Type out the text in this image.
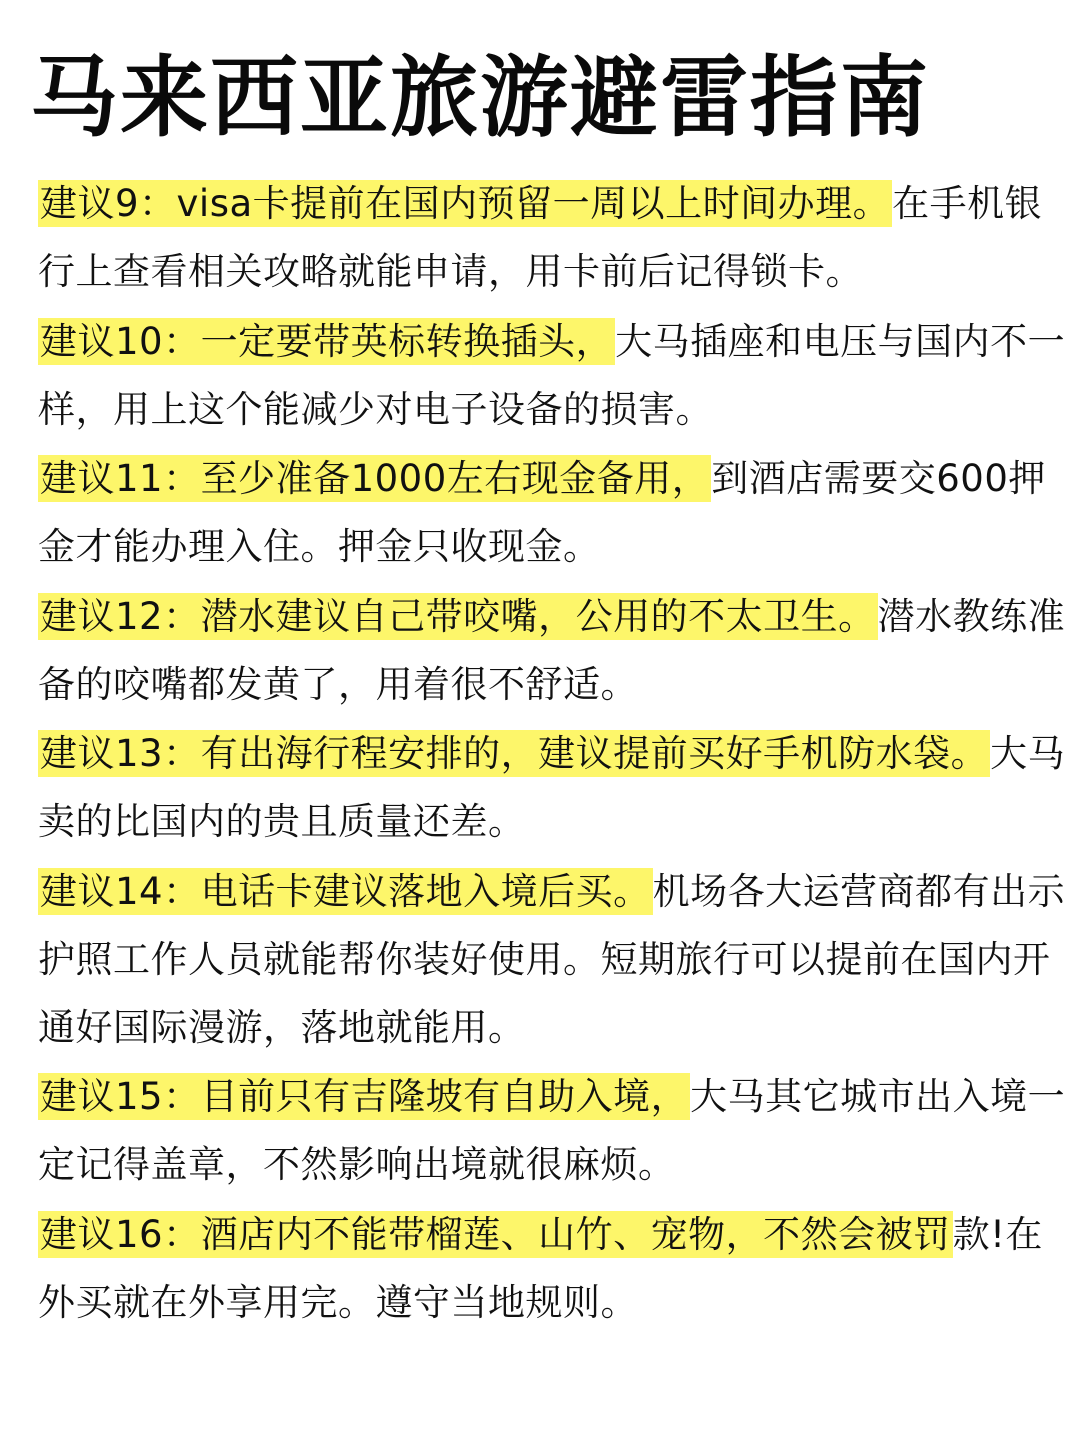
马来西亚旅游避雷指南
建议9：visa卡提前在国内预留一周以上时间办理。在手机银行上查看相关攻略就能申请，用卡前后记得锁卡。
建议10：一定要带英标转换插头，大马插座和电压与国内不一样，用上这个能减少对电子设备的损害。
建议11：至少准备1000左右现金备用，到酒店需要交600押金才能办理入住。押金只收现金。
建议12：潜水建议自己带咬嘴，公用的不太卫生。潜水教练准备的咬嘴都发黄了，用着很不舒适。
建议13：有出海行程安排的，建议提前买好手机防水袋。大马卖的比国内的贵且质量还差。
建议14：电话卡建议落地入境后买。机场各大运营商都有出示护照工作人员就能帮你装好使用。短期旅行可以提前在国内开通好国际漫游，落地就能用。
建议15：目前只有吉隆坡有自助入境，大马其它城市出入境一定记得盖章，不然影响出境就很麻烦。
建议16：酒店内不能带榴莲、山竹、宠物，不然会被罚款!在外买就在外享用完。遵守当地规则。
